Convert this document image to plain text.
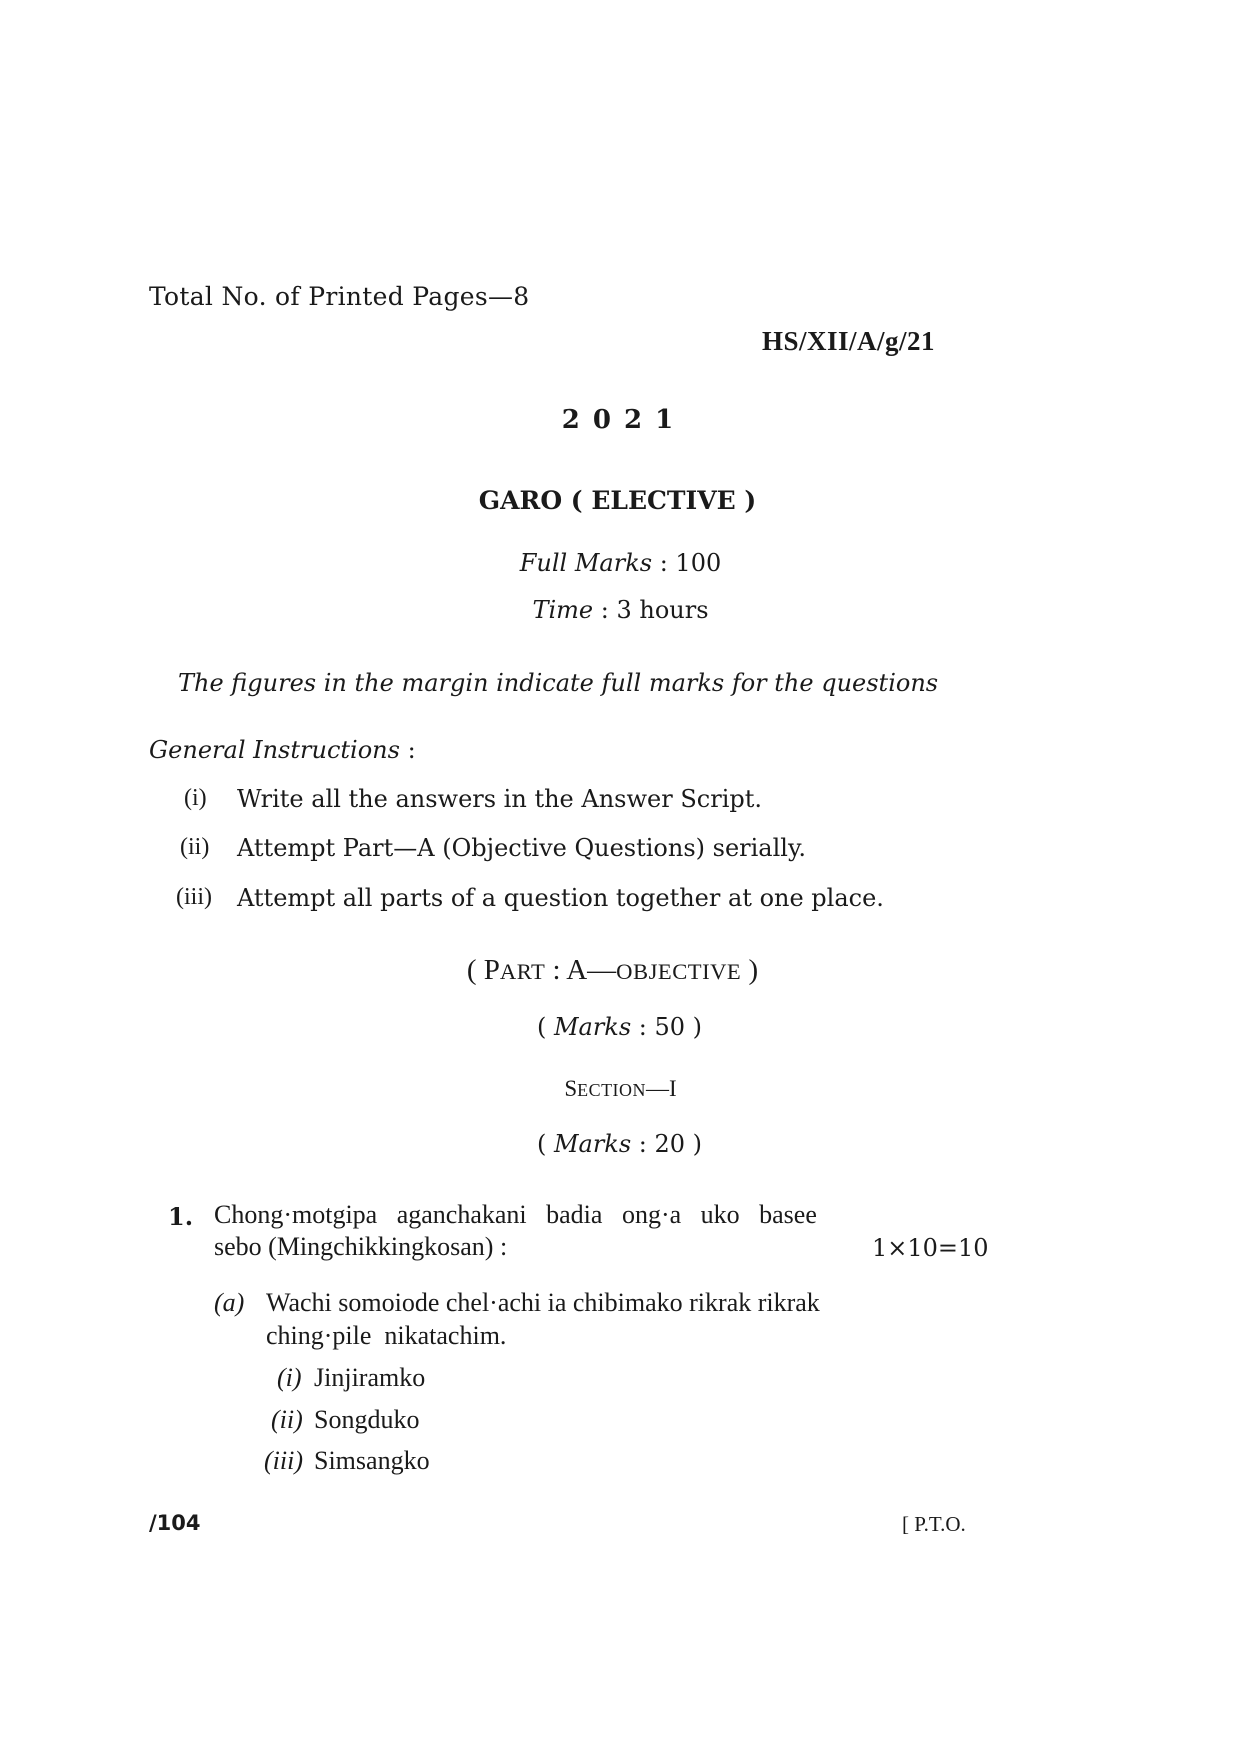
Total No. of Printed Pages—8
HS/XII/A/g/21
2 0 2 1
GARO ( ELECTIVE )
Full Marks : 100
Time : 3 hours
The figures in the margin indicate full marks for the questions
General Instructions :
(i) Write all the answers in the Answer Script.
(ii) Attempt Part—A (Objective Questions) serially.
(iii) Attempt all parts of a question together at one place.
( PART : A—OBJECTIVE )
( Marks : 50 )
SECTION—I
( Marks : 20 )
1. Chong·motgipa   aganchakani   badia   ong·a   uko   basee
sebo (Mingchikkingkosan) :	1×10=10
(a) Wachi somoiode chel·achi ia chibimako rikrak rikrak
ching·pile  nikatachim.
(i) Jinjiramko
(ii) Songduko
(iii) Simsangko
/104	[ P.T.O.
